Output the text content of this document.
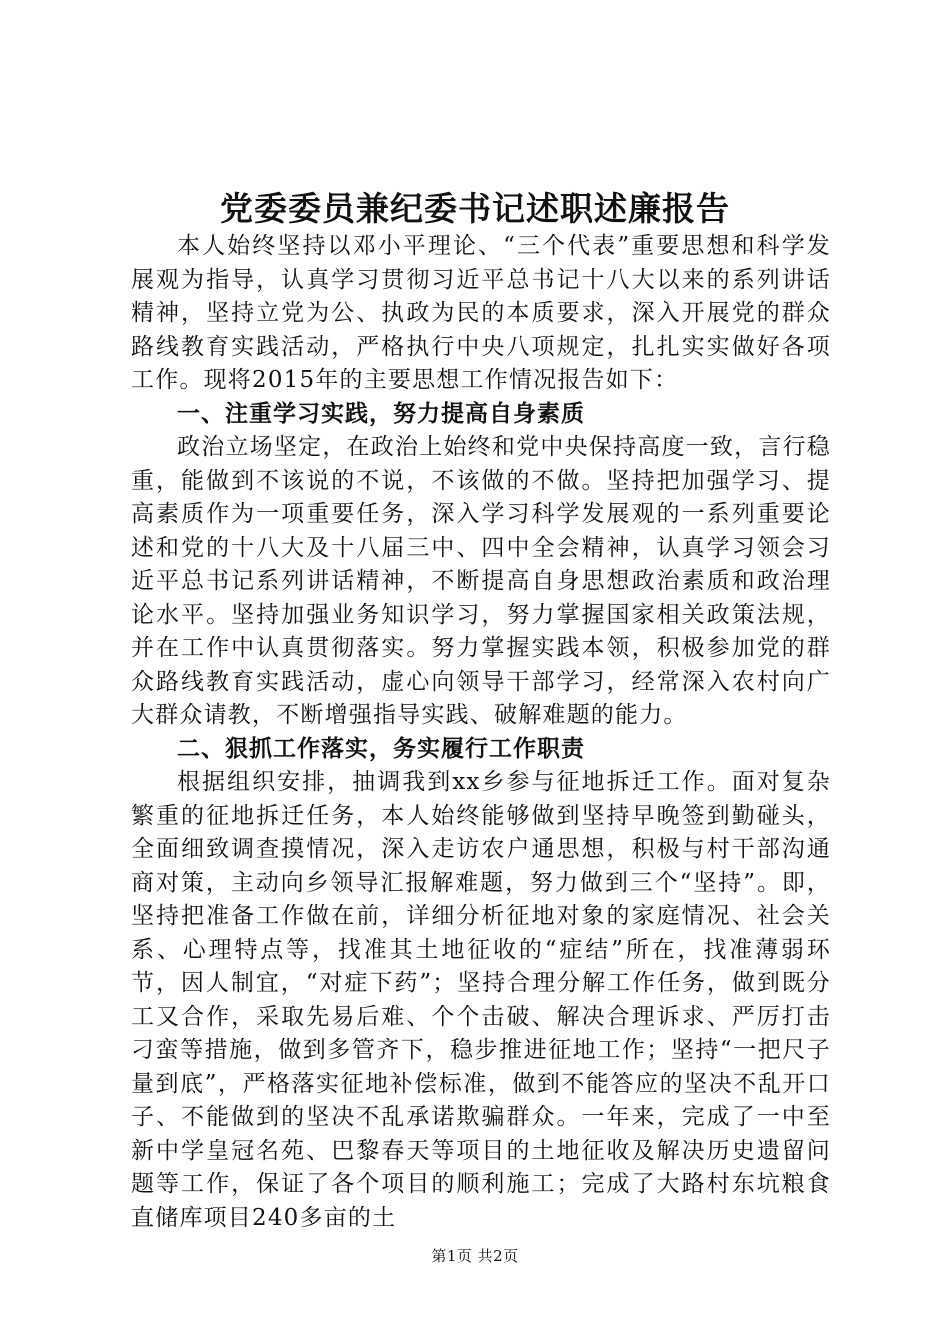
党委委员兼纪委书记述职述廉报告

本人始终坚持以邓小平理论、“三个代表”重要思想和科学发展观为指导，认真学习贯彻习近平总书记十八大以来的系列讲话精神，坚持立党为公、执政为民的本质要求，深入开展党的群众路线教育实践活动，严格执行中央八项规定，扎扎实实做好各项工作。现将2015年的主要思想工作情况报告如下：

一、注重学习实践，努力提高自身素质

政治立场坚定，在政治上始终和党中央保持高度一致，言行稳重，能做到不该说的不说，不该做的不做。坚持把加强学习、提高素质作为一项重要任务，深入学习科学发展观的一系列重要论述和党的十八大及十八届三中、四中全会精神，认真学习领会习近平总书记系列讲话精神，不断提高自身思想政治素质和政治理论水平。坚持加强业务知识学习，努力掌握国家相关政策法规，并在工作中认真贯彻落实。努力掌握实践本领，积极参加党的群众路线教育实践活动，虚心向领导干部学习，经常深入农村向广大群众请教，不断增强指导实践、破解难题的能力。

二、狠抓工作落实，务实履行工作职责

根据组织安排，抽调我到xx乡参与征地拆迁工作。面对复杂繁重的征地拆迁任务，本人始终能够做到坚持早晚签到勤碰头，全面细致调查摸情况，深入走访农户通思想，积极与村干部沟通商对策，主动向乡领导汇报解难题，努力做到三个“坚持”。即，坚持把准备工作做在前，详细分析征地对象的家庭情况、社会关系、心理特点等，找准其土地征收的“症结”所在，找准薄弱环节，因人制宜，“对症下药”；坚持合理分解工作任务，做到既分工又合作，采取先易后难、个个击破、解决合理诉求、严厉打击刁蛮等措施，做到多管齐下，稳步推进征地工作；坚持“一把尺子量到底”，严格落实征地补偿标准，做到不能答应的坚决不乱开口子、不能做到的坚决不乱承诺欺骗群众。一年来，完成了一中至新中学皇冠名苑、巴黎春天等项目的土地征收及解决历史遗留问题等工作，保证了各个项目的顺利施工；完成了大路村东坑粮食直储库项目240多亩的土

第1页 共2页
